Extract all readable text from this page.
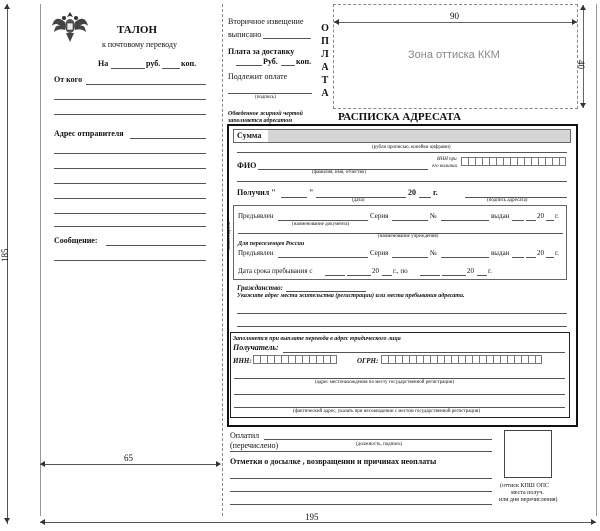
185
195
линия отреза
ТАЛОН
к почтовому переводу
На	руб.	коп.
От кого
Адрес отправителя
Сообщение:
65
Вторичное извещение
выписано
Плата за доставку
Руб. коп.
Подлежит оплате
(подпись)
Обведенное жирной чертой
заполняется адресатом
О
П
Л
А
Т
А
Зона оттиска ККМ
90
40
РАСПИСКА АДРЕСАТА
Сумма
(рубли прописью, копейки цифрами)
ФИО
(фамилия, имя, отчество)
ИНН при
его наличии
Получил "	"	20 г.
(дата)	(подпись адресата)
Предъявлен	Серия	№	выдан	20 г.
(наименование документа)
(наименование учреждения)
Для переселенцев России
Предъявлен	Серия	№	выдан	20 г.
Дата срока пребывания с	20 г., по	20 г.
Гражданство:
Укажите адрес места жительства (регистрации) или места пребывания адресата.
Заполняется при выплате перевода в адрес юридического лица
Получатель:
ИНН:	ОГРН:
(адрес местонахождения по месту государственной регистрации)
(фактический адрес, указать при несовпадении с местом государственной регистрации)
Оплатил
(перечислено)	(должность, подпись)
Отметки о досылке , возвращении и причинах неоплаты
(оттиск КПШ ОПС
места получ.
или дня перечисления)
